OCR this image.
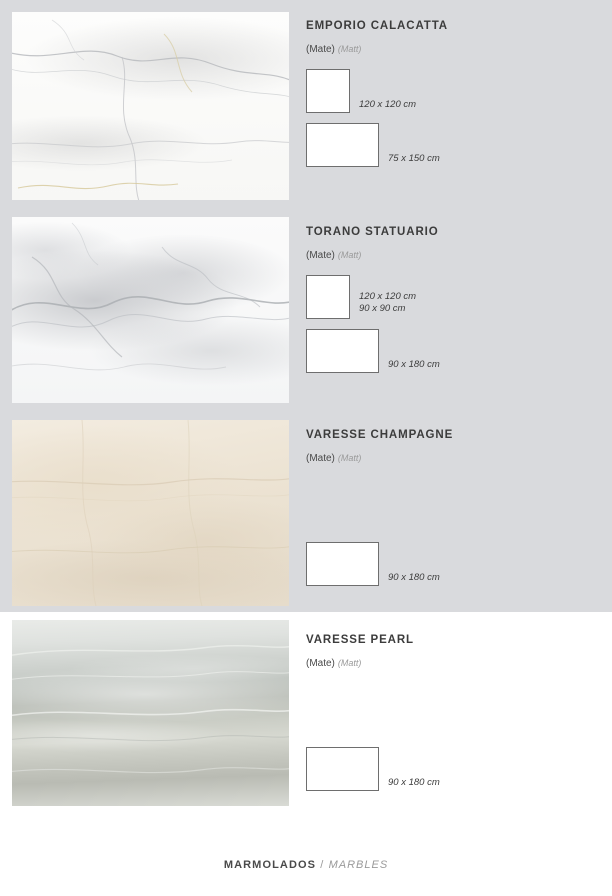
EMPORIO CALACATTA
(Mate) (Matt)
120 x 120 cm
75 x 150 cm
TORANO STATUARIO
(Mate) (Matt)
120 x 120 cm
90 x 90 cm
90 x 180 cm
VARESSE CHAMPAGNE
(Mate) (Matt)
90 x 180 cm
VARESSE PEARL
(Mate) (Matt)
90 x 180 cm
MARMOLADOS / MARBLES
